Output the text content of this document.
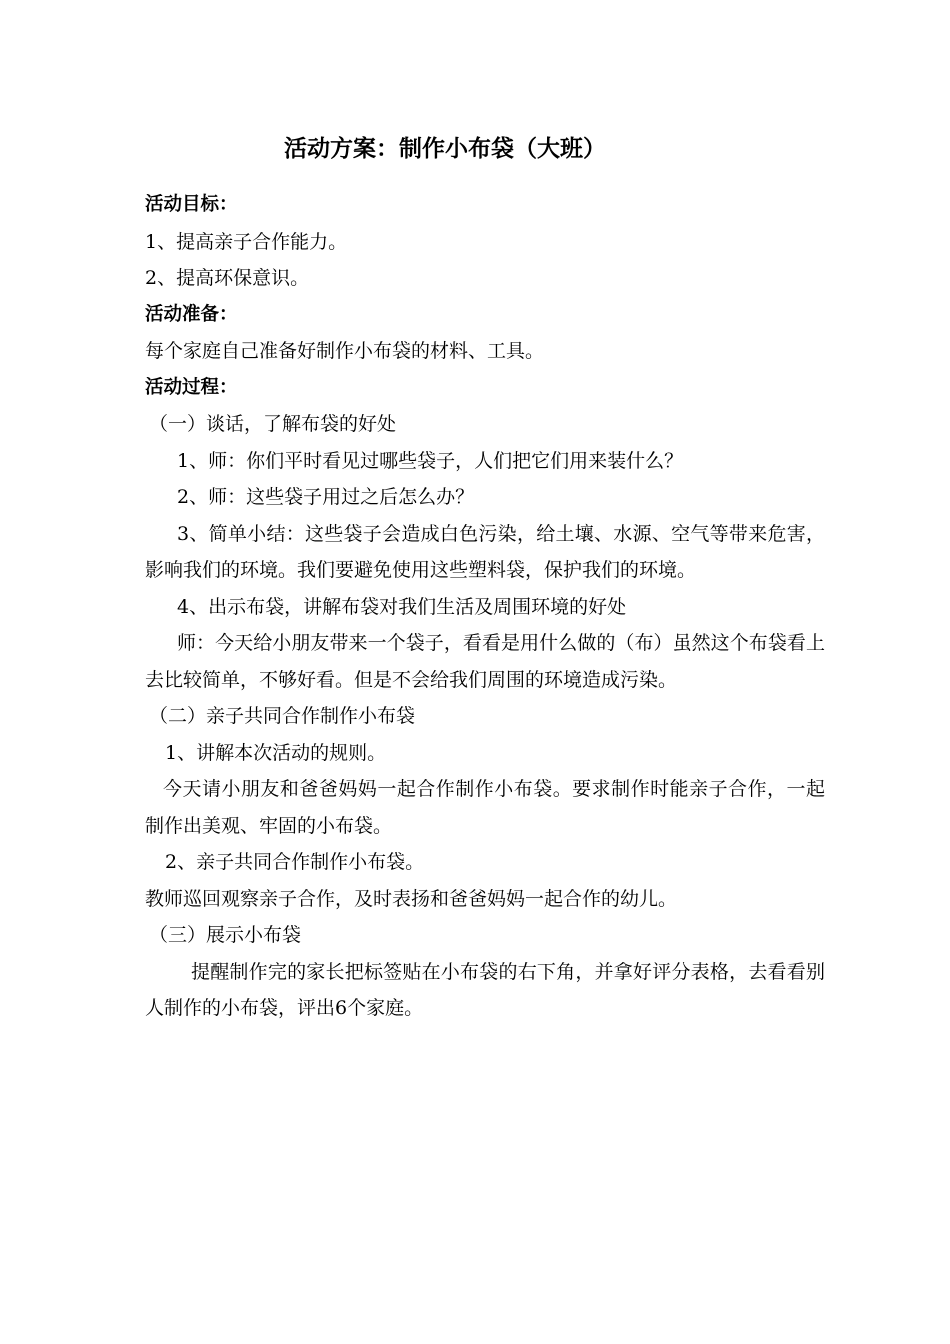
活动方案：制作小布袋（大班）
活动目标：
1、提高亲子合作能力。
2、提高环保意识。
活动准备：
每个家庭自己准备好制作小布袋的材料、工具。
活动过程：
（一）谈话，了解布袋的好处
1、师：你们平时看见过哪些袋子，人们把它们用来装什么？
2、师：这些袋子用过之后怎么办？
3、简单小结：这些袋子会造成白色污染，给土壤、水源、空气等带来危害，影响我们的环境。我们要避免使用这些塑料袋，保护我们的环境。
4、出示布袋，讲解布袋对我们生活及周围环境的好处
师：今天给小朋友带来一个袋子，看看是用什么做的（布）虽然这个布袋看上去比较简单，不够好看。但是不会给我们周围的环境造成污染。
（二）亲子共同合作制作小布袋
1、讲解本次活动的规则。
今天请小朋友和爸爸妈妈一起合作制作小布袋。要求制作时能亲子合作，一起制作出美观、牢固的小布袋。
2、亲子共同合作制作小布袋。
教师巡回观察亲子合作，及时表扬和爸爸妈妈一起合作的幼儿。
（三）展示小布袋
提醒制作完的家长把标签贴在小布袋的右下角，并拿好评分表格，去看看别人制作的小布袋，评出6个家庭。
